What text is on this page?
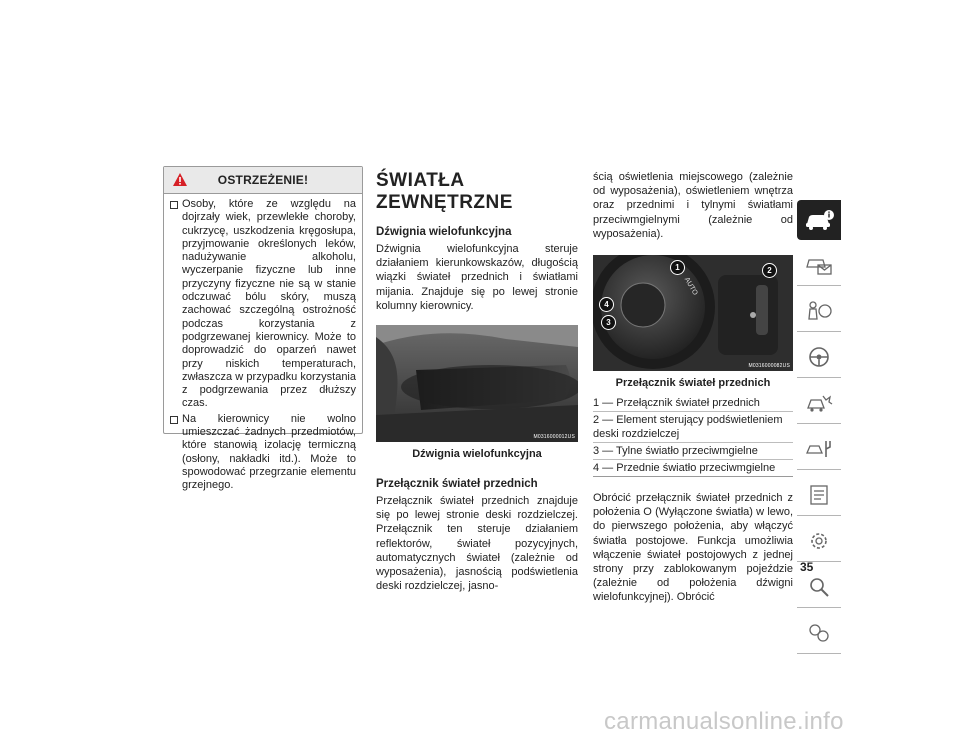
OSTRZEŻENIE!
Osoby, które ze względu na dojrzały wiek, przewlekłe choroby, cukrzycę, uszkodzenia kręgosłupa, przyjmowanie określonych leków, nadużywanie alkoholu, wyczerpanie fizyczne lub inne przyczyny fizyczne nie są w stanie odczuwać bólu skóry, muszą zachować szczególną ostrożność podczas korzystania z podgrzewanej kierownicy. Może to doprowadzić do oparzeń nawet przy niskich temperaturach, zwłaszcza w przypadku korzystania z podgrzewania przez dłuższy czas.
Na kierownicy nie wolno umieszczać żadnych przedmiotów, które stanowią izolację termiczną (osłony, nakładki itd.). Może to spowodować przegrzanie elementu grzejnego.
ŚWIATŁA ZEWNĘTRZNE
Dźwignia wielofunkcyjna

Dźwignia wielofunkcyjna steruje działaniem kierunkowskazów, długością wiązki świateł przednich i światłami mijania. Znajduje się po lewej stronie kolumny kierownicy.

M0316000012US
Dźwignia wielofunkcyjna
Przełącznik świateł przednich

Przełącznik świateł przednich znajduje się po lewej stronie deski rozdzielczej. Przełącznik ten steruje działaniem reflektorów, świateł pozycyjnych, automatycznych świateł (zależnie od wyposażenia), jasnością podświetlenia deski rozdzielczej, jasno-

ścią oświetlenia miejscowego (zależnie od wyposażenia), oświetleniem wnętrza oraz przednimi i tylnymi światłami przeciwmgielnymi (zależnie od wyposażenia).

1	2
3
4
AUTO
M0316000082US
Przełącznik świateł przednich
1 — Przełącznik świateł przednich
2 — Element sterujący podświetleniem deski rozdzielczej
3 — Tylne światło przeciwmgielne
4 — Przednie światło przeciwmgielne

Obrócić przełącznik świateł przednich z położenia O (Wyłączone światła) w lewo, do pierwszego położenia, aby włączyć światła postojowe. Funkcja umożliwia włączenie świateł postojowych z jednej strony przy zablokowanym pojeździe (zależnie od położenia dźwigni wielofunkcyjnej). Obrócić

35
carmanualsonline.info
